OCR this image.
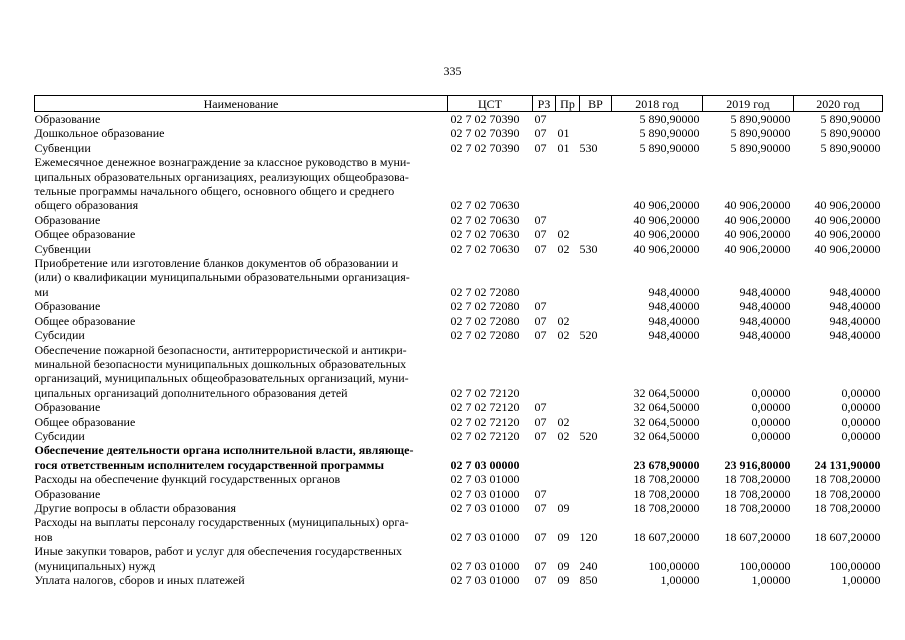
335
Наименование	ЦСТ	РЗ	Пр	ВР	2018 год	2019 год	2020 год

Образование	02 7 02 70390	07			5 890,90000	5 890,90000	5 890,90000

Дошкольное образование	02 7 02 70390	07	01		5 890,90000	5 890,90000	5 890,90000

Субвенции	02 7 02 70390	07	01	530	5 890,90000	5 890,90000	5 890,90000

Ежемесячное денежное вознаграждение за классное руководство в муни-
ципальных образовательных организациях, реализующих общеобразова-
тельные программы начального общего, основного общего и среднего
общего образования	02 7 02 70630				40 906,20000	40 906,20000	40 906,20000

Образование	02 7 02 70630	07			40 906,20000	40 906,20000	40 906,20000

Общее образование	02 7 02 70630	07	02		40 906,20000	40 906,20000	40 906,20000

Субвенции	02 7 02 70630	07	02	530	40 906,20000	40 906,20000	40 906,20000

Приобретение или изготовление бланков документов об образовании и
(или) о квалификации муниципальными образовательными организация-
ми	02 7 02 72080				948,40000	948,40000	948,40000

Образование	02 7 02 72080	07			948,40000	948,40000	948,40000

Общее образование	02 7 02 72080	07	02		948,40000	948,40000	948,40000

Субсидии	02 7 02 72080	07	02	520	948,40000	948,40000	948,40000

Обеспечение пожарной безопасности, антитеррористической и антикри-
минальной безопасности муниципальных дошкольных образовательных
организаций, муниципальных общеобразовательных организаций, муни-
ципальных организаций дополнительного образования детей	02 7 02 72120				32 064,50000	0,00000	0,00000

Образование	02 7 02 72120	07			32 064,50000	0,00000	0,00000

Общее образование	02 7 02 72120	07	02		32 064,50000	0,00000	0,00000

Субсидии	02 7 02 72120	07	02	520	32 064,50000	0,00000	0,00000

Обеспечение деятельности органа исполнительной власти, являюще-
гося ответственным исполнителем государственной программы	02 7 03 00000				23 678,90000	23 916,80000	24 131,90000

Расходы на обеспечение функций государственных органов	02 7 03 01000				18 708,20000	18 708,20000	18 708,20000

Образование	02 7 03 01000	07			18 708,20000	18 708,20000	18 708,20000

Другие вопросы в области образования	02 7 03 01000	07	09		18 708,20000	18 708,20000	18 708,20000

Расходы на выплаты персоналу государственных (муниципальных) орга-
нов	02 7 03 01000	07	09	120	18 607,20000	18 607,20000	18 607,20000

Иные закупки товаров, работ и услуг для обеспечения государственных
(муниципальных) нужд	02 7 03 01000	07	09	240	100,00000	100,00000	100,00000

Уплата налогов, сборов и иных платежей	02 7 03 01000	07	09	850	1,00000	1,00000	1,00000
